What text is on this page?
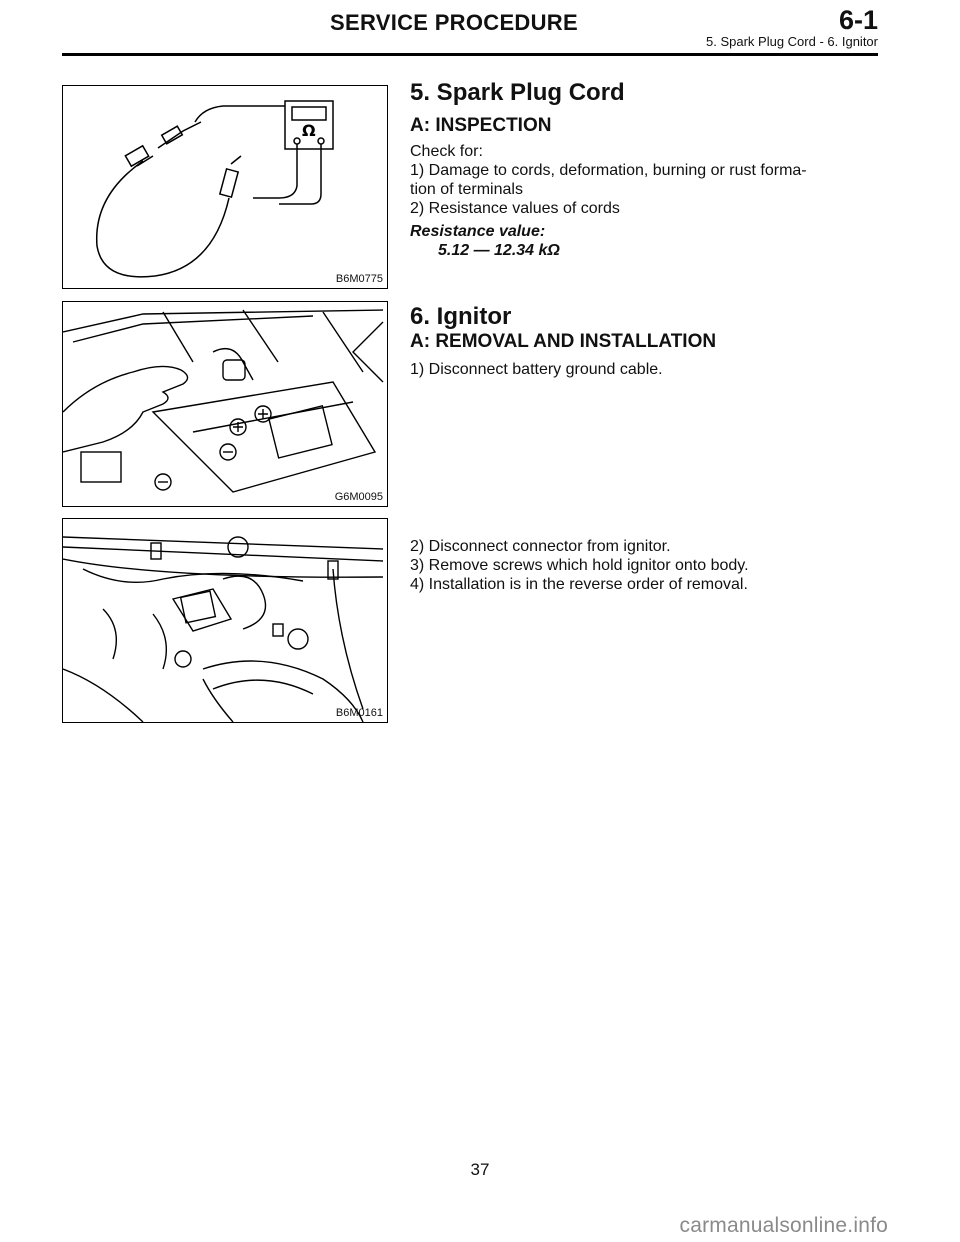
SERVICE PROCEDURE	6-1
5. Spark Plug Cord - 6. Ignitor
Ω
B6M0775
5. Spark Plug Cord
A: INSPECTION
Check for:
1) Damage to cords, deformation, burning or rust forma-
tion of terminals
2) Resistance values of cords
Resistance value:
5.12 — 12.34 kΩ
G6M0095
6. Ignitor
A: REMOVAL AND INSTALLATION
1) Disconnect battery ground cable.
B6M0161
2) Disconnect connector from ignitor.
3) Remove screws which hold ignitor onto body.
4) Installation is in the reverse order of removal.
37
carmanualsonline.info
